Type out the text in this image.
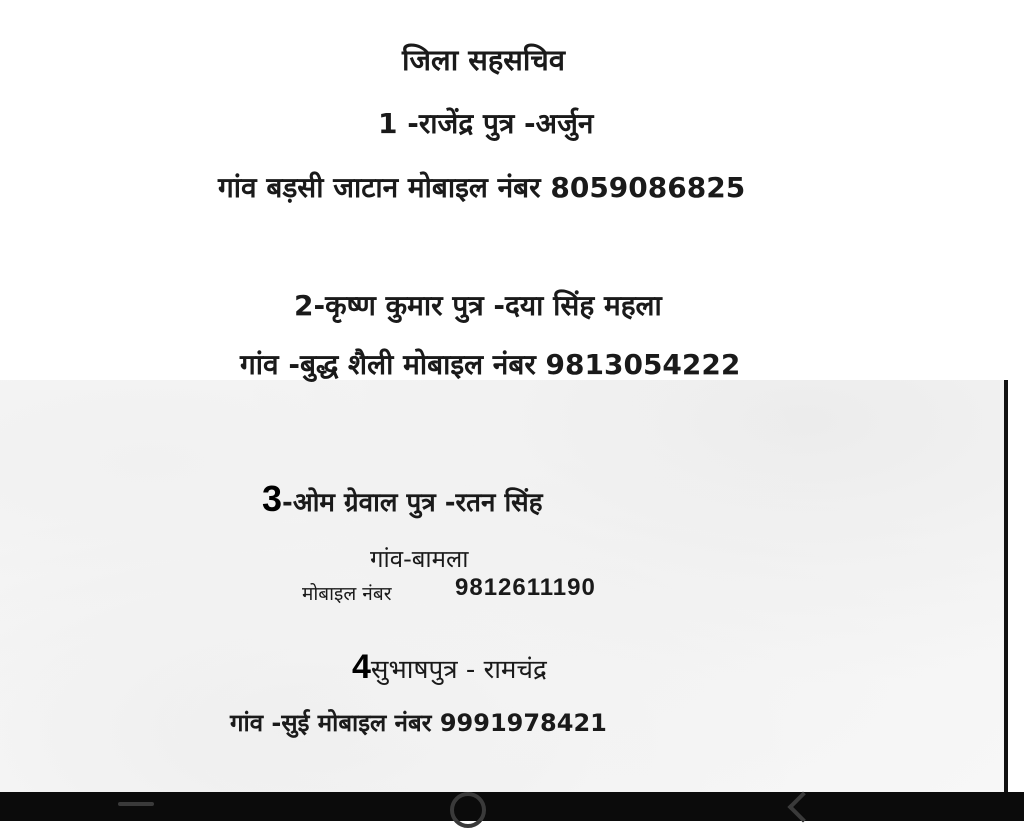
जिला सहसचिव
1 -राजेंद्र पुत्र -अर्जुन
गांव बड़सी जाटान मोबाइल नंबर 8059086825
2-कृष्ण कुमार पुत्र -दया सिंह महला
गांव -बुद्ध शैली मोबाइल नंबर 9813054222
3-ओम ग्रेवाल पुत्र -रतन सिंह
गांव-बामला
मोबाइल नंबर	9812611190
4सुभाषपुत्र - रामचंद्र
गांव -सुई मोबाइल नंबर 9991978421
